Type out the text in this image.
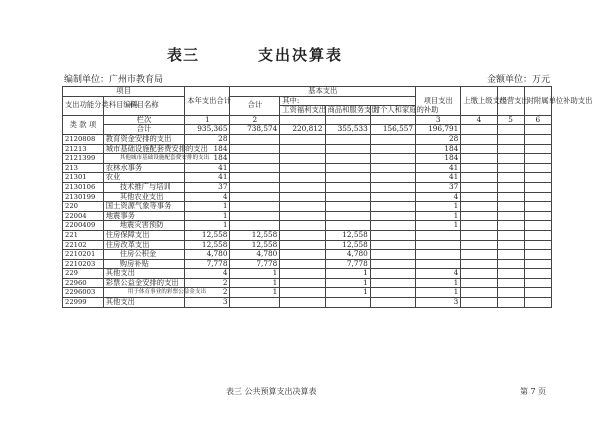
表三	支出决算表
编制单位：广州市教育局	金额单位：万元
项目		本年支出合计	基本支出				项目支出	上缴上级支出	经营支出	对附属单位补助支出
支出功能分类科目编码	科目名称		合计	其中:						
				工资福利支出	商品和服务支出	对个人和家庭的补助				

类 款 项	栏次	1	2				3	4	5	6
	合计	935,365	738,574	220,812	355,533	156,557	196,791			
2120808	教育资金安排的支出	28					28			
21213	城市基础设施配套费安排的支出	184					184			
2121399	其他城市基础设施配套费安排的支出	184					184			
213	农林水事务	41					41			
21301	农业	41					41			
2130106	技术推广与培训	37					37			
2130199	其他农业支出	4					4			
220	国土资源气象等事务	1					1			
22004	地震事务	1					1			
2200409	地震灾害预防	1					1			
221	住房保障支出	12,558	12,558		12,558					
22102	住房改革支出	12,558	12,558		12,558					
2210201	住房公积金	4,780	4,780		4,780					
2210203	购房补贴	7,778	7,778		7,778					
229	其他支出	4	1		1		4			
22960	彩票公益金安排的支出	2	1		1		1			
2296003	用于体育事业的彩票公益金支出	2	1		1		1			
22999	其他支出	3					3			
表三 公共预算支出决算表	第 7 页
